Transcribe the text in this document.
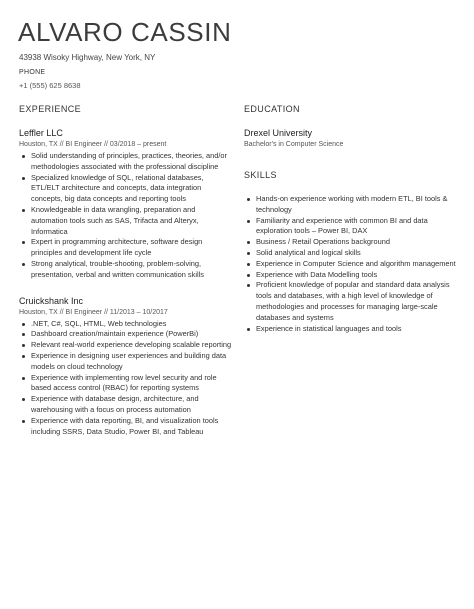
ALVARO CASSIN
43938 Wisoky Highway, New York, NY
PHONE
+1 (555) 625 8638
EXPERIENCE
Leffler LLC
Houston, TX // BI Engineer // 03/2018 – present
Solid understanding of principles, practices, theories, and/or methodologies associated with the professional discipline
Specialized knowledge of SQL, relational databases, ETL/ELT architecture and concepts, data integration concepts, big data concepts and reporting tools
Knowledgeable in data wrangling, preparation and automation tools such as SAS, Trifacta and Alteryx, Informatica
Expert in programming architecture, software design principles and development life cycle
Strong analytical, trouble-shooting, problem-solving, presentation, verbal and written communication skills
Cruickshank Inc
Houston, TX // BI Engineer // 11/2013 – 10/2017
.NET, C#, SQL, HTML, Web technologies
Dashboard creation/maintain experience (PowerBi)
Relevant real-world experience developing scalable reporting
Experience in designing user experiences and building data models on cloud technology
Experience with implementing row level security and role based access control (RBAC) for reporting systems
Experience with database design, architecture, and warehousing with a focus on process automation
Experience with data reporting, BI, and visualization tools including SSRS, Data Studio, Power BI, and Tableau
EDUCATION
Drexel University
Bachelor's in Computer Science
SKILLS
Hands-on experience working with modern ETL, BI tools & technology
Familiarity and experience with common BI and data exploration tools – Power BI, DAX
Business / Retail Operations background
Solid analytical and logical skills
Experience in Computer Science and algorithm management
Experience with Data Modelling tools
Proficient knowledge of popular and standard data analysis tools and databases, with a high level of knowledge of methodologies and processes for managing large-scale databases and systems
Experience in statistical languages and tools
